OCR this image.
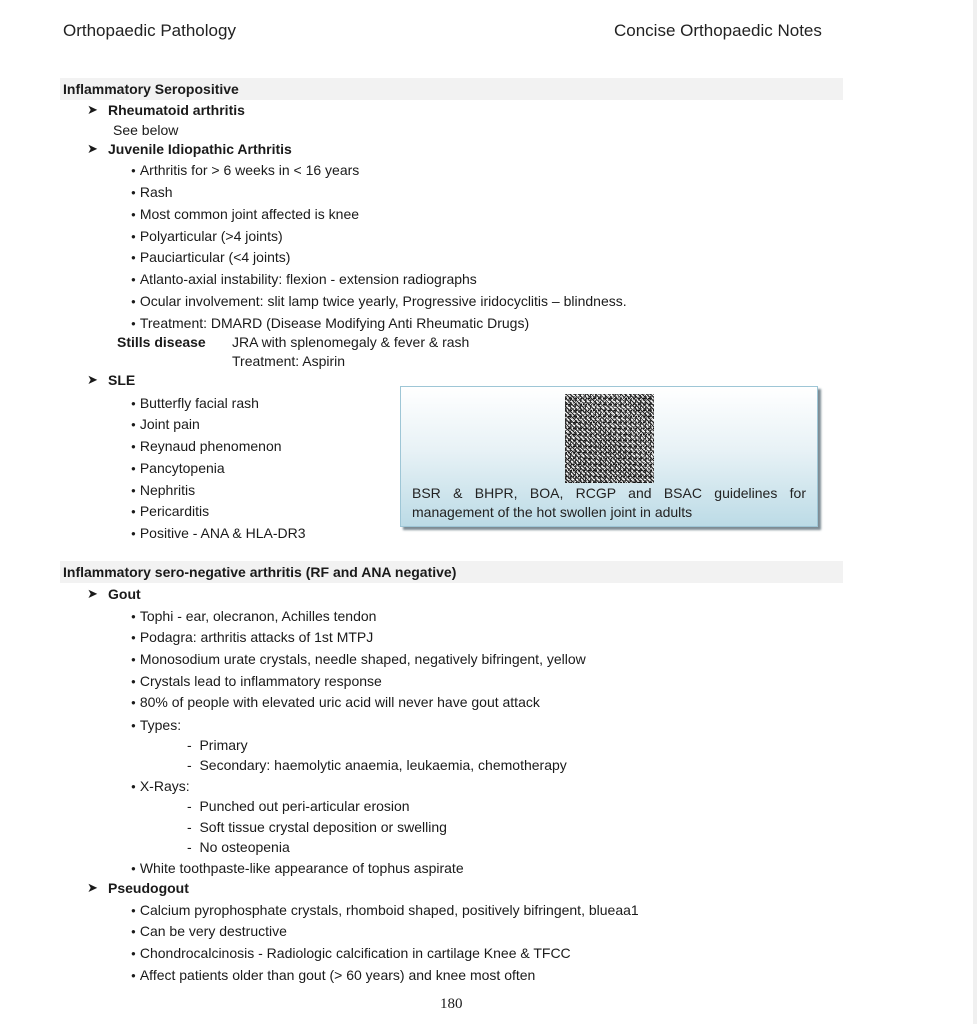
Orthopaedic Pathology	Concise Orthopaedic Notes
Inflammatory Seropositive
➤ Rheumatoid arthritis
See below
➤ Juvenile Idiopathic Arthritis
● Arthritis for > 6 weeks in < 16 years
● Rash
● Most common joint affected is knee
● Polyarticular (>4 joints)
● Pauciarticular (<4 joints)
● Atlanto-axial instability: flexion - extension radiographs
● Ocular involvement: slit lamp twice yearly, Progressive iridocyclitis – blindness.
● Treatment: DMARD (Disease Modifying Anti Rheumatic Drugs)
Stills disease JRA with splenomegaly & fever & rash
Treatment: Aspirin
➤ SLE
● Butterfly facial rash
● Joint pain
● Reynaud phenomenon
● Pancytopenia
● Nephritis
● Pericarditis
● Positive - ANA & HLA-DR3
BSR & BHPR, BOA, RCGP and BSAC guidelines for management of the hot swollen joint in adults
Inflammatory sero-negative arthritis (RF and ANA negative)
➤ Gout
● Tophi - ear, olecranon, Achilles tendon
● Podagra: arthritis attacks of 1st MTPJ
● Monosodium urate crystals, needle shaped, negatively bifringent, yellow
● Crystals lead to inflammatory response
● 80% of people with elevated uric acid will never have gout attack
● Types:
-  Primary
-  Secondary: haemolytic anaemia, leukaemia, chemotherapy
● X-Rays:
-  Punched out peri-articular erosion
-  Soft tissue crystal deposition or swelling
-  No osteopenia
● White toothpaste-like appearance of tophus aspirate
➤ Pseudogout
● Calcium pyrophosphate crystals, rhomboid shaped, positively bifringent, blueaa1
● Can be very destructive
● Chondrocalcinosis - Radiologic calcification in cartilage Knee & TFCC
● Affect patients older than gout (> 60 years) and knee most often
180
